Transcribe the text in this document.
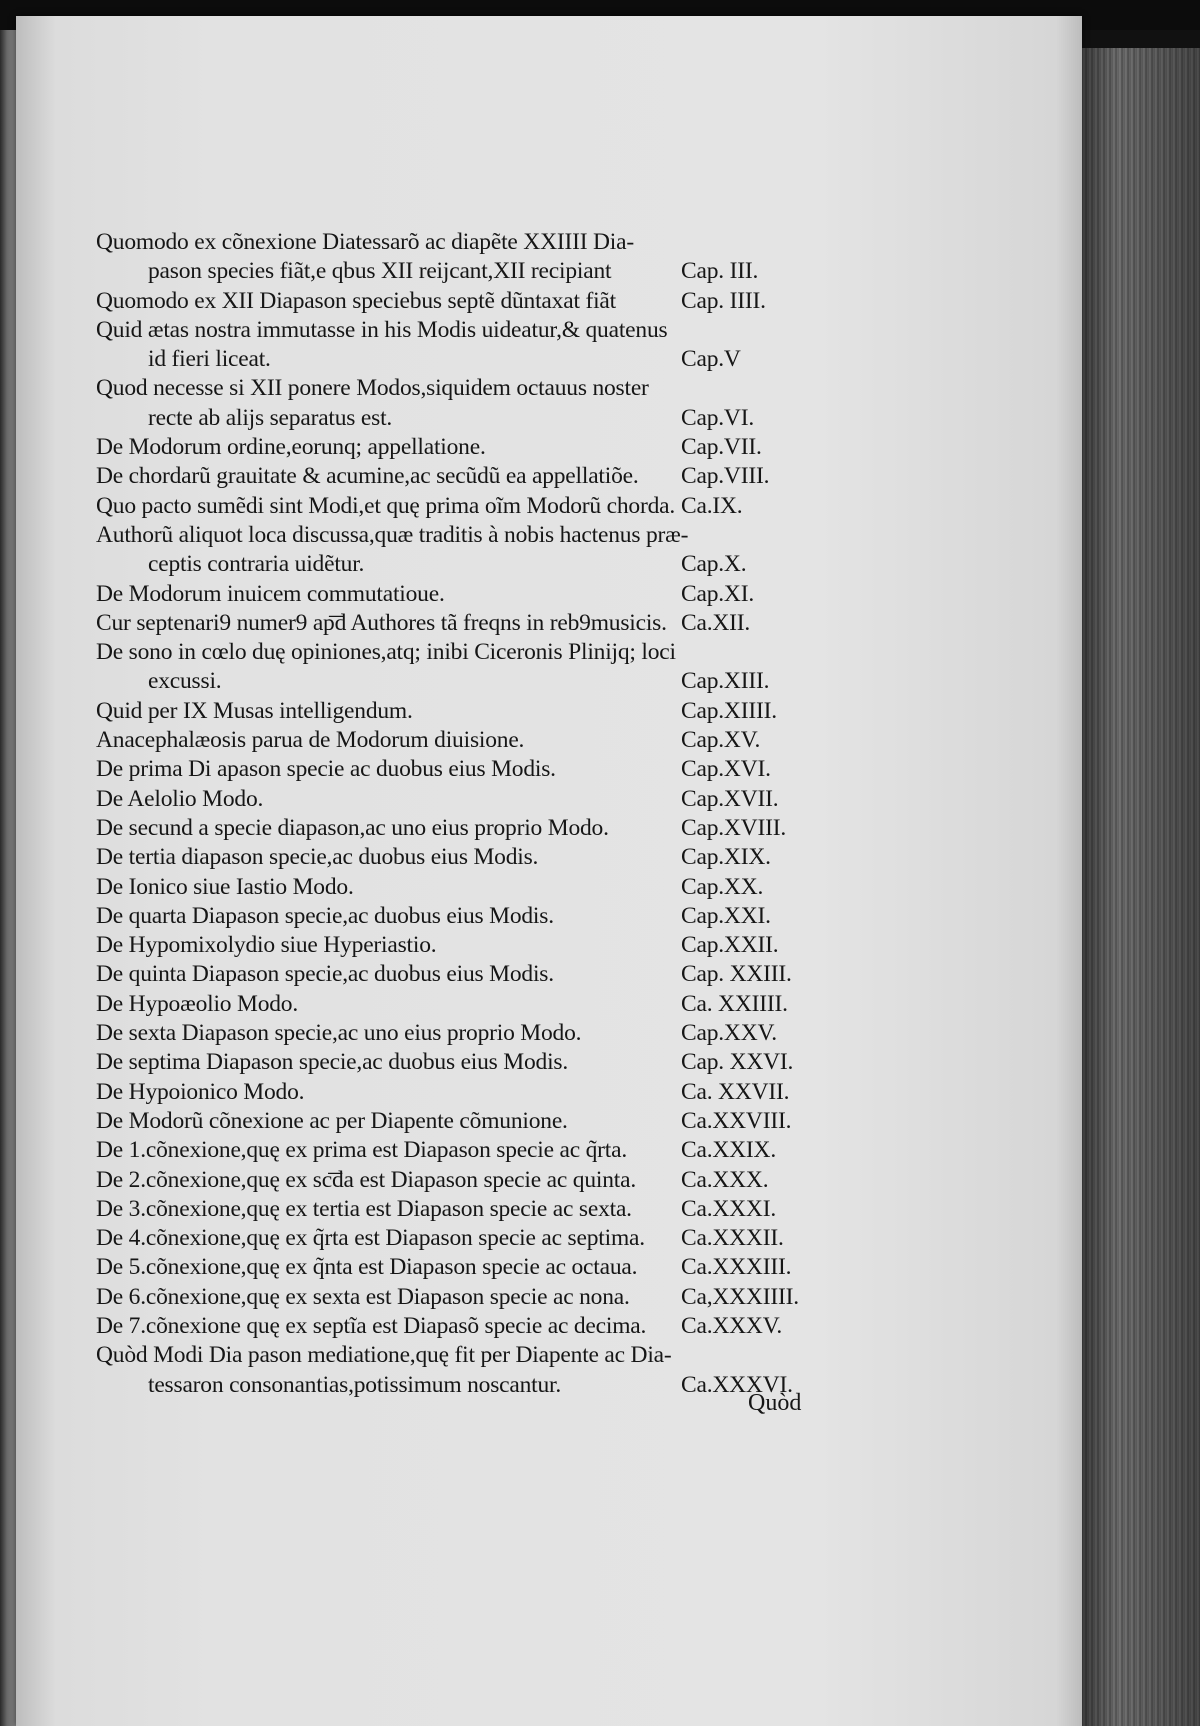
Quomodo ex cõnexione Diatessarõ ac diapẽte XXIIII Dia-
pason species fiãt,e qbus XII reijcant,XII recipiant	Cap. III.
Quomodo ex XII Diapason speciebus septẽ dũntaxat fiãt	Cap. IIII.
Quid ætas nostra immutasse in his Modis uideatur,& quatenus
id fieri liceat.	Cap.V
Quod necesse si XII ponere Modos,siquidem octauus noster
recte ab alijs separatus est.	Cap.VI.
De Modorum ordine,eorunq; appellatione.	Cap.VII.
De chordarũ grauitate & acumine,ac secũdũ ea appellatiõe. Cap.VIII.
Quo pacto sumẽdi sint Modi,et quę prima oĩm Modorũ chorda. Ca.IX.
Authorũ aliquot loca discussa,quæ traditis à nobis hactenus præ-
ceptis contraria uidẽtur.	Cap.X.
De Modorum inuicem commutatioue.	Cap.XI.
Cur septenari9 numer9 ap͞d Authores tã freqns in reb9musicis. Ca.XII.
De sono in cœlo duę opiniones,atq; inibi Ciceronis Plinijq; loci
excussi.	Cap.XIII.
Quid per IX Musas intelligendum.	Cap.XIIII.
Anacephalæosis parua de Modorum diuisione.	Cap.XV.
De prima Di apason specie ac duobus eius Modis.	Cap.XVI.
De Aelolio Modo.	Cap.XVII.
De secund a specie diapason,ac uno eius proprio Modo.	Cap.XVIII.
De tertia diapason specie,ac duobus eius Modis.	Cap.XIX.
De Ionico siue Iastio Modo.	Cap.XX.
De quarta Diapason specie,ac duobus eius Modis.	Cap.XXI.
De Hypomixolydio siue Hyperiastio.	Cap.XXII.
De quinta Diapason specie,ac duobus eius Modis.	Cap. XXIII.
De Hypoæolio Modo.	Ca. XXIIII.
De sexta Diapason specie,ac uno eius proprio Modo.	Cap.XXV.
De septima Diapason specie,ac duobus eius Modis.	Cap. XXVI.
De Hypoionico Modo.	Ca. XXVII.
De Modorũ cõnexione ac per Diapente cõmunione.	Ca.XXVIII.
De 1.cõnexione,quę ex prima est Diapason specie ac q̃rta. Ca.XXIX.
De 2.cõnexione,quę ex sc͞da est Diapason specie ac quinta. Ca.XXX.
De 3.cõnexione,quę ex tertia est Diapason specie ac sexta. Ca.XXXI.
De 4.cõnexione,quę ex q̃rta est Diapason specie ac septima. Ca.XXXII.
De 5.cõnexione,quę ex q̃nta est Diapason specie ac octaua. Ca.XXXIII.
De 6.cõnexione,quę ex sexta est Diapason specie ac nona. Ca,XXXIIII.
De 7.cõnexione quę ex septĩa est Diapasõ specie ac decima. Ca.XXXV.
Quòd Modi Dia pason mediatione,quę fit per Diapente ac Dia-
tessaron consonantias,potissimum noscantur.	Ca.XXXVI.
Quòd
